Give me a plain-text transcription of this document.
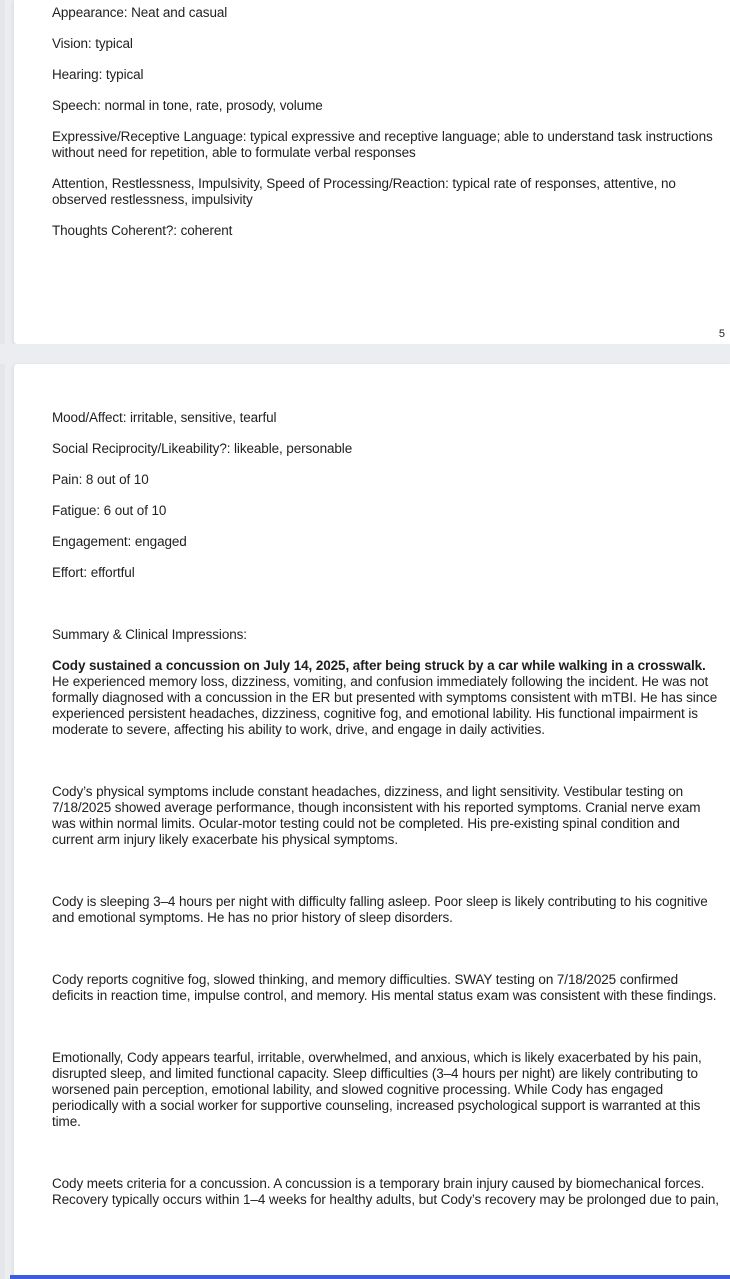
Appearance: Neat and casual
Vision: typical
Hearing: typical
Speech: normal in tone, rate, prosody, volume
Expressive/Receptive Language: typical expressive and receptive language; able to understand task instructions without need for repetition, able to formulate verbal responses
Attention, Restlessness, Impulsivity, Speed of Processing/Reaction: typical rate of responses, attentive, no observed restlessness, impulsivity
Thoughts Coherent?: coherent
5
Mood/Affect: irritable, sensitive, tearful
Social Reciprocity/Likeability?: likeable, personable
Pain: 8 out of 10
Fatigue: 6 out of 10
Engagement: engaged
Effort: effortful
Summary & Clinical Impressions:
Cody sustained a concussion on July 14, 2025, after being struck by a car while walking in a crosswalk. He experienced memory loss, dizziness, vomiting, and confusion immediately following the incident. He was not formally diagnosed with a concussion in the ER but presented with symptoms consistent with mTBI. He has since experienced persistent headaches, dizziness, cognitive fog, and emotional lability. His functional impairment is moderate to severe, affecting his ability to work, drive, and engage in daily activities.
Cody’s physical symptoms include constant headaches, dizziness, and light sensitivity. Vestibular testing on 7/18/2025 showed average performance, though inconsistent with his reported symptoms. Cranial nerve exam was within normal limits. Ocular-motor testing could not be completed. His pre-existing spinal condition and current arm injury likely exacerbate his physical symptoms.
Cody is sleeping 3–4 hours per night with difficulty falling asleep. Poor sleep is likely contributing to his cognitive and emotional symptoms. He has no prior history of sleep disorders.
Cody reports cognitive fog, slowed thinking, and memory difficulties. SWAY testing on 7/18/2025 confirmed deficits in reaction time, impulse control, and memory. His mental status exam was consistent with these findings.
Emotionally, Cody appears tearful, irritable, overwhelmed, and anxious, which is likely exacerbated by his pain, disrupted sleep, and limited functional capacity. Sleep difficulties (3–4 hours per night) are likely contributing to worsened pain perception, emotional lability, and slowed cognitive processing. While Cody has engaged periodically with a social worker for supportive counseling, increased psychological support is warranted at this time.
Cody meets criteria for a concussion. A concussion is a temporary brain injury caused by biomechanical forces. Recovery typically occurs within 1–4 weeks for healthy adults, but Cody’s recovery may be prolonged due to pain,
